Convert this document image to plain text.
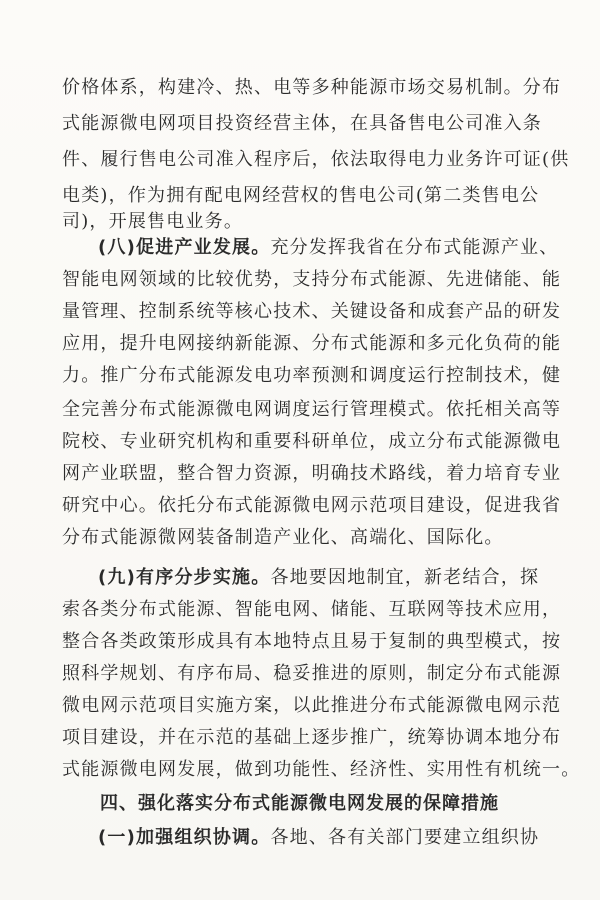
价格体系，构建冷、热、电等多种能源市场交易机制。分布
式能源微电网项目投资经营主体，在具备售电公司准入条
件、履行售电公司准入程序后，依法取得电力业务许可证(供
电类)，作为拥有配电网经营权的售电公司(第二类售电公
司)，开展售电业务。
(八)促进产业发展。充分发挥我省在分布式能源产业、
智能电网领域的比较优势，支持分布式能源、先进储能、能
量管理、控制系统等核心技术、关键设备和成套产品的研发
应用，提升电网接纳新能源、分布式能源和多元化负荷的能
力。推广分布式能源发电功率预测和调度运行控制技术，健
全完善分布式能源微电网调度运行管理模式。依托相关高等
院校、专业研究机构和重要科研单位，成立分布式能源微电
网产业联盟，整合智力资源，明确技术路线，着力培育专业
研究中心。依托分布式能源微电网示范项目建设，促进我省
分布式能源微网装备制造产业化、高端化、国际化。
(九)有序分步实施。各地要因地制宜，新老结合，探
索各类分布式能源、智能电网、储能、互联网等技术应用，
整合各类政策形成具有本地特点且易于复制的典型模式，按
照科学规划、有序布局、稳妥推进的原则，制定分布式能源
微电网示范项目实施方案，以此推进分布式能源微电网示范
项目建设，并在示范的基础上逐步推广，统筹协调本地分布
式能源微电网发展，做到功能性、经济性、实用性有机统一。
四、强化落实分布式能源微电网发展的保障措施
(一)加强组织协调。各地、各有关部门要建立组织协
